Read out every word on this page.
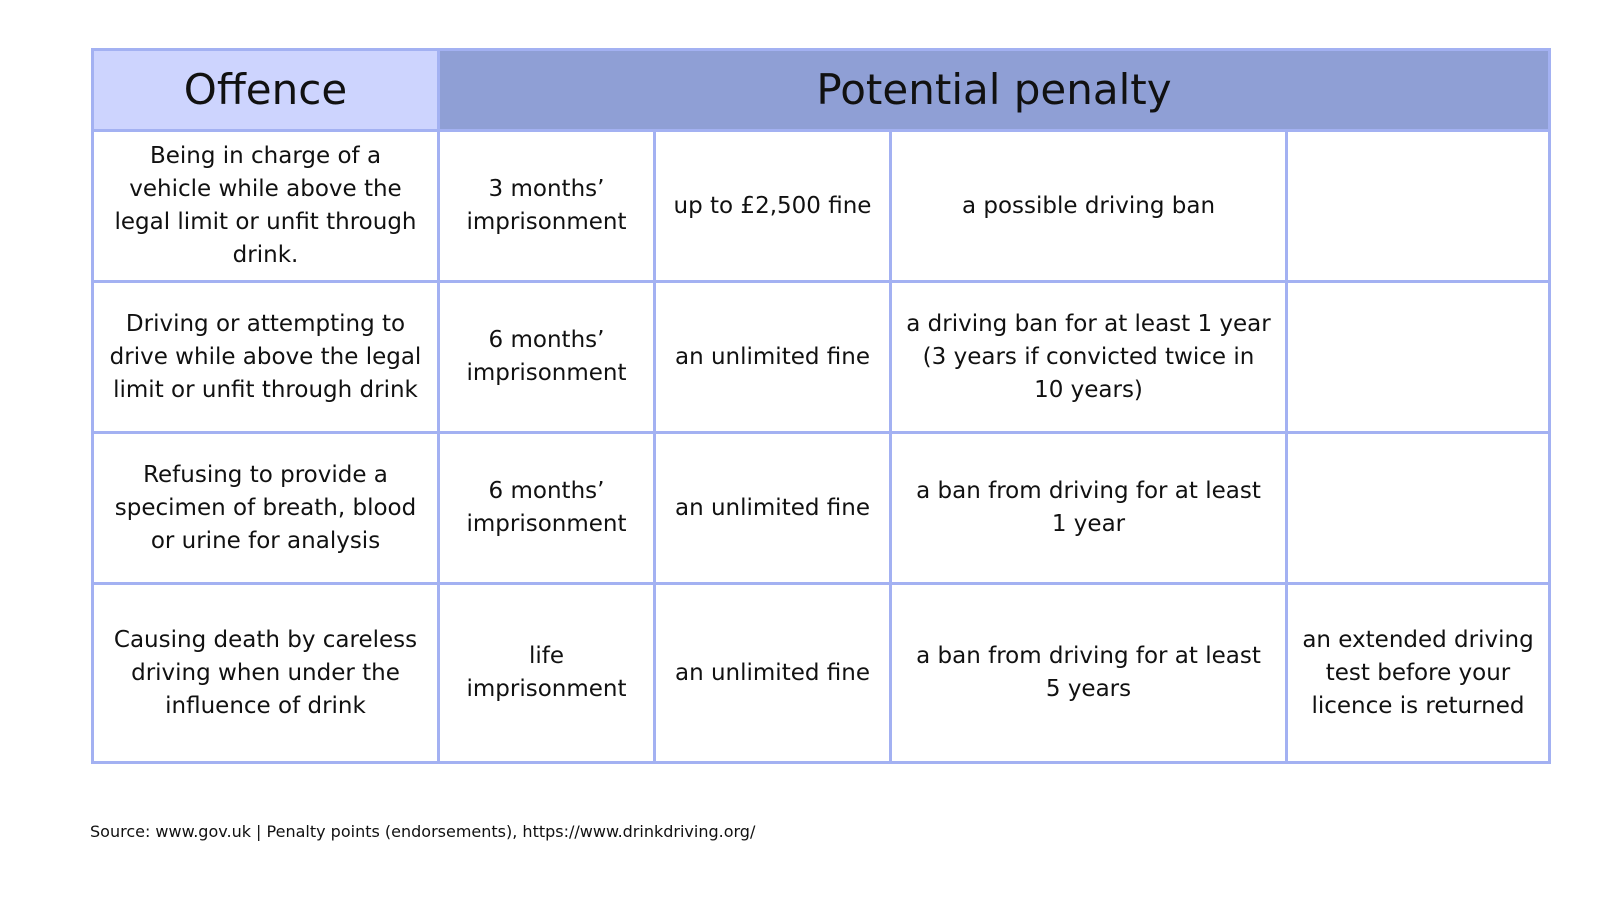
Offence	Potential penalty			
Being in charge of a vehicle while above the legal limit or unfit through drink.	3 months’ imprisonment	up to £2,500 fine	a possible driving ban	
Driving or attempting to drive while above the legal limit or unfit through drink	6 months’ imprisonment	an unlimited fine	a driving ban for at least 1 year (3 years if convicted twice in 10 years)	
Refusing to provide a specimen of breath, blood or urine for analysis	6 months’ imprisonment	an unlimited fine	a ban from driving for at least 1 year	
Causing death by careless driving when under the influence of drink	life imprisonment	an unlimited fine	a ban from driving for at least 5 years	an extended driving test before your licence is returned
Source: www.gov.uk | Penalty points (endorsements), https://www.drinkdriving.org/
